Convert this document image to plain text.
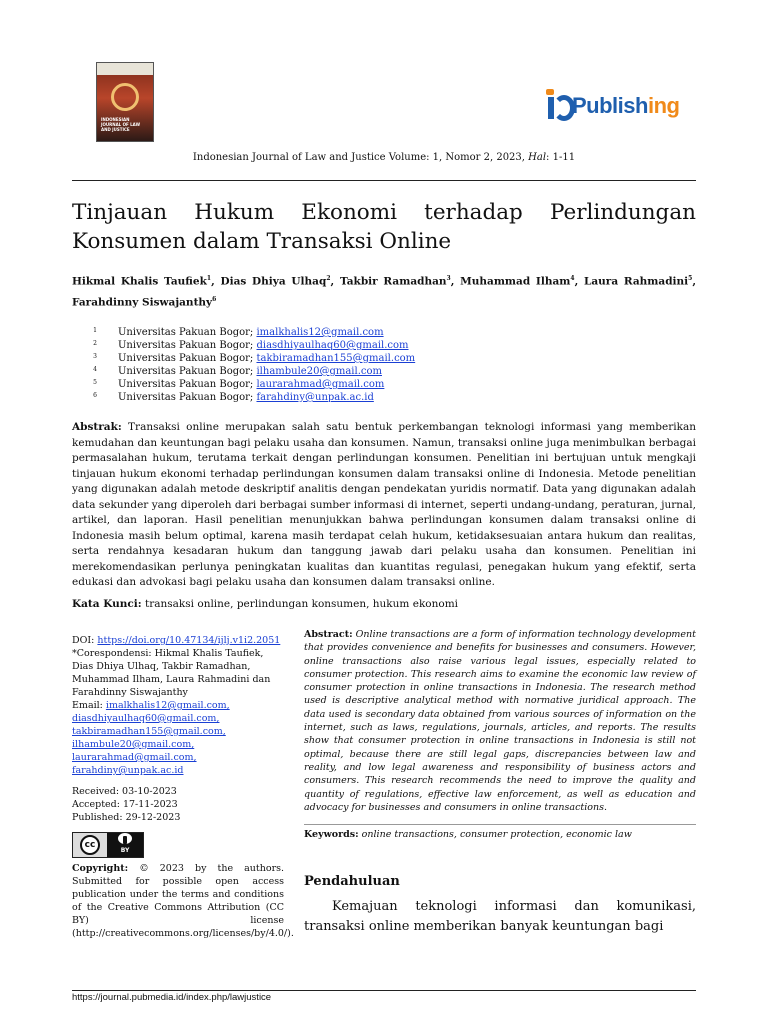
INDONESIAN JOURNAL OF LAW AND JUSTICE
Publishing
Indonesian Journal of Law and Justice Volume: 1, Nomor 2, 2023, Hal: 1-11
Tinjauan Hukum Ekonomi terhadap Perlindungan Konsumen dalam Transaksi Online
Hikmal Khalis Taufiek$^1$, Dias Dhiya Ulhaq$^2$, Takbir Ramadhan$^3$, Muhammad Ilham$^4$, Laura Rahmadini$^5$, Farahdinny Siswajanthy$^6$
1	Universitas Pakuan Bogor; imalkhalis12@gmail.com
2	Universitas Pakuan Bogor; diasdhiyaulhaq60@gmail.com
3	Universitas Pakuan Bogor; takbiramadhan155@gmail.com
4	Universitas Pakuan Bogor; ilhambule20@gmail.com
5	Universitas Pakuan Bogor; laurarahmad@gmail.com
6	Universitas Pakuan Bogor; farahdiny@unpak.ac.id
Abstrak: Transaksi online merupakan salah satu bentuk perkembangan teknologi informasi yang memberikan kemudahan dan keuntungan bagi pelaku usaha dan konsumen. Namun, transaksi online juga menimbulkan berbagai permasalahan hukum, terutama terkait dengan perlindungan konsumen. Penelitian ini bertujuan untuk mengkaji tinjauan hukum ekonomi terhadap perlindungan konsumen dalam transaksi online di Indonesia. Metode penelitian yang digunakan adalah metode deskriptif analitis dengan pendekatan yuridis normatif. Data yang digunakan adalah data sekunder yang diperoleh dari berbagai sumber informasi di internet, seperti undang-undang, peraturan, jurnal, artikel, dan laporan. Hasil penelitian menunjukkan bahwa perlindungan konsumen dalam transaksi online di Indonesia masih belum optimal, karena masih terdapat celah hukum, ketidaksesuaian antara hukum dan realitas, serta rendahnya kesadaran hukum dan tanggung jawab dari pelaku usaha dan konsumen. Penelitian ini merekomendasikan perlunya peningkatan kualitas dan kuantitas regulasi, penegakan hukum yang efektif, serta edukasi dan advokasi bagi pelaku usaha dan konsumen dalam transaksi online.
Kata Kunci: transaksi online, perlindungan konsumen, hukum ekonomi
DOI: https://doi.org/10.47134/ijlj.v1i2.2051
*Corespondensi: Hikmal Khalis Taufiek, Dias Dhiya Ulhaq, Takbir Ramadhan, Muhammad Ilham, Laura Rahmadini dan Farahdinny Siswajanthy
Email: imalkhalis12@gmail.com,
diasdhiyaulhaq60@gmail.com,
takbiramadhan155@gmail.com,
ilhambule20@gmail.com,
laurarahmad@gmail.com,
farahdiny@unpak.ac.id
Received: 03-10-2023
Accepted: 17-11-2023
Published: 29-12-2023
cc
BY
Copyright: © 2023 by the authors. Submitted for possible open access publication under the terms and conditions of the Creative Commons Attribution (CC BY) license (http://creativecommons.org/licenses/by/4.0/).
Abstract: Online transactions are a form of information technology development that provides convenience and benefits for businesses and consumers. However, online transactions also raise various legal issues, especially related to consumer protection. This research aims to examine the economic law review of consumer protection in online transactions in Indonesia. The research method used is descriptive analytical method with normative juridical approach. The data used is secondary data obtained from various sources of information on the internet, such as laws, regulations, journals, articles, and reports. The results show that consumer protection in online transactions in Indonesia is still not optimal, because there are still legal gaps, discrepancies between law and reality, and low legal awareness and responsibility of business actors and consumers. This research recommends the need to improve the quality and quantity of regulations, effective law enforcement, as well as education and advocacy for businesses and consumers in online transactions.
Keywords: online transactions, consumer protection, economic law
Pendahuluan
Kemajuan teknologi informasi dan komunikasi, transaksi online memberikan banyak keuntungan bagi
https://journal.pubmedia.id/index.php/lawjustice
